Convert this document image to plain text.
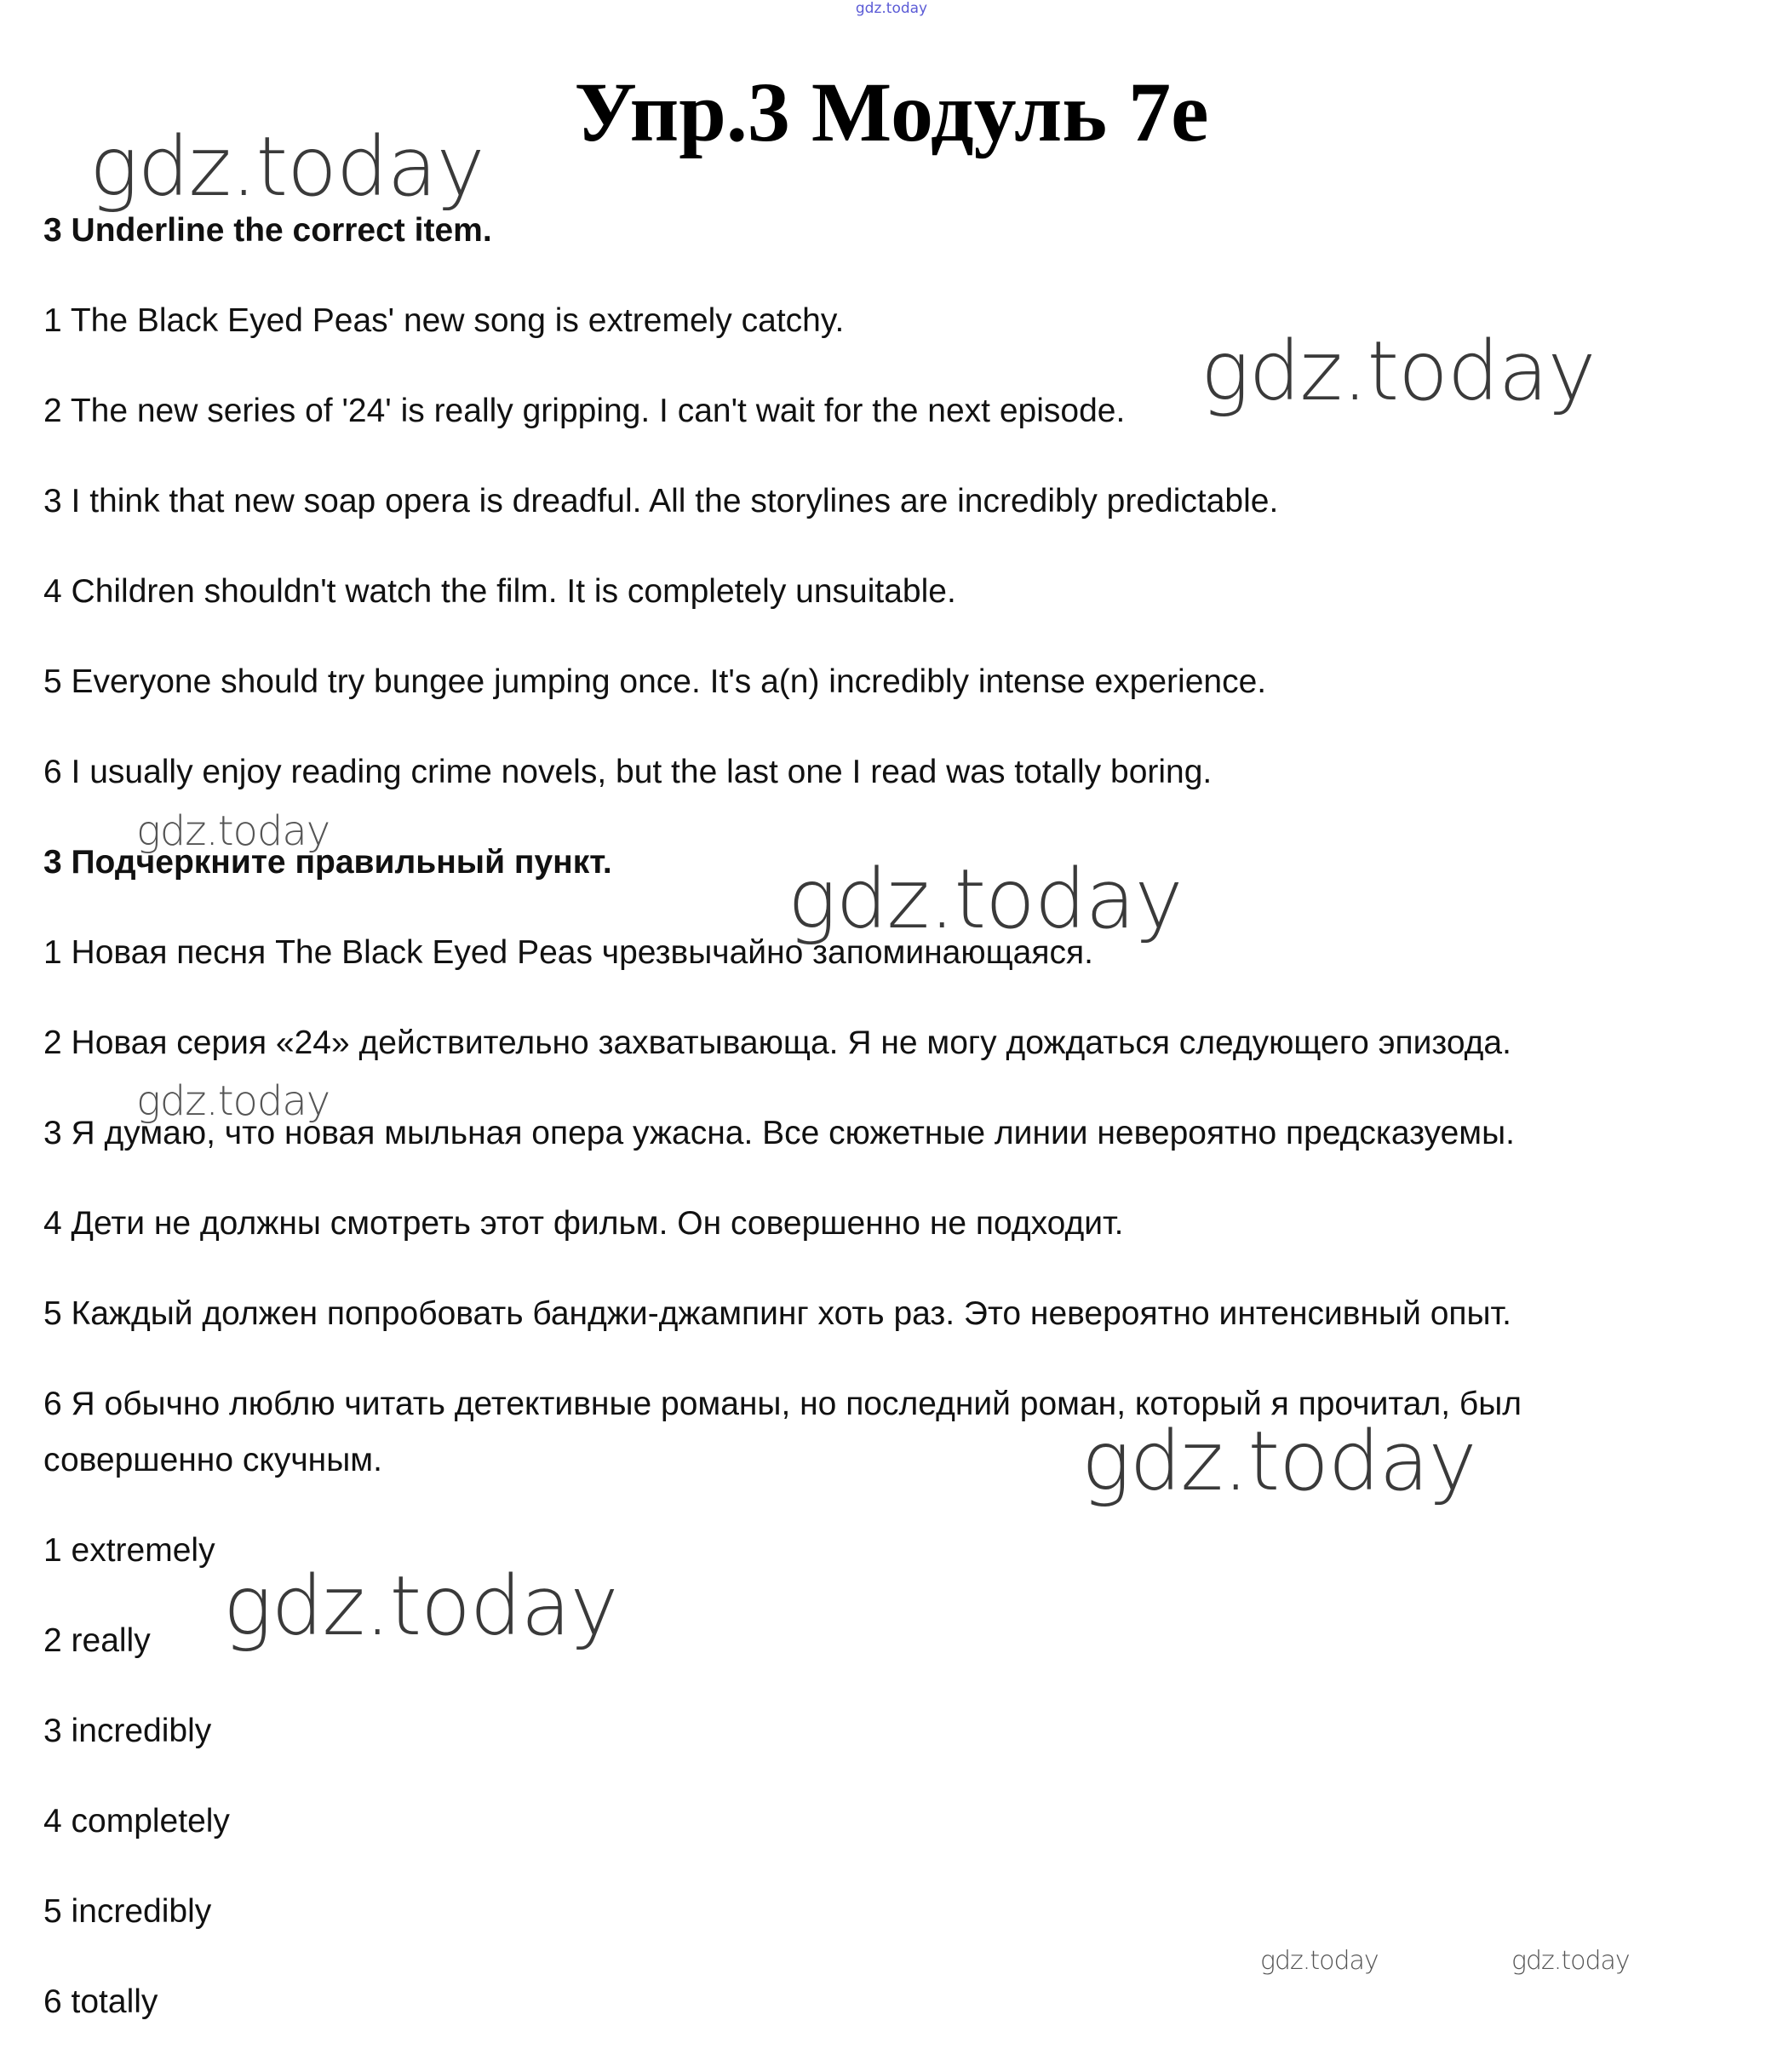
gdz.today
Упр.3 Модуль 7е
3 Underline the correct item.
1 The Black Eyed Peas' new song is extremely catchy.
2 The new series of '24' is really gripping. I can't wait for the next episode.
3 I think that new soap opera is dreadful. All the storylines are incredibly predictable.
4 Children shouldn't watch the film. It is completely unsuitable.
5 Everyone should try bungee jumping once. It's a(n) incredibly intense experience.
6 I usually enjoy reading crime novels, but the last one I read was totally boring.
3 Подчеркните правильный пункт.
1 Новая песня The Black Eyed Peas чрезвычайно запоминающаяся.
2 Новая серия «24» действительно захватывающа. Я не могу дождаться следующего эпизода.
3 Я думаю, что новая мыльная опера ужасна. Все сюжетные линии невероятно предсказуемы.
4 Дети не должны смотреть этот фильм. Он совершенно не подходит.
5 Каждый должен попробовать банджи-джампинг хоть раз. Это невероятно интенсивный опыт.
6 Я обычно люблю читать детективные романы, но последний роман, который я прочитал, был совершенно скучным.
1 extremely
2 really
3 incredibly
4 completely
5 incredibly
6 totally
gdz.today
gdz.today
gdz.today
gdz.today
gdz.today
gdz.today
gdz.today
gdz.today	gdz.today
